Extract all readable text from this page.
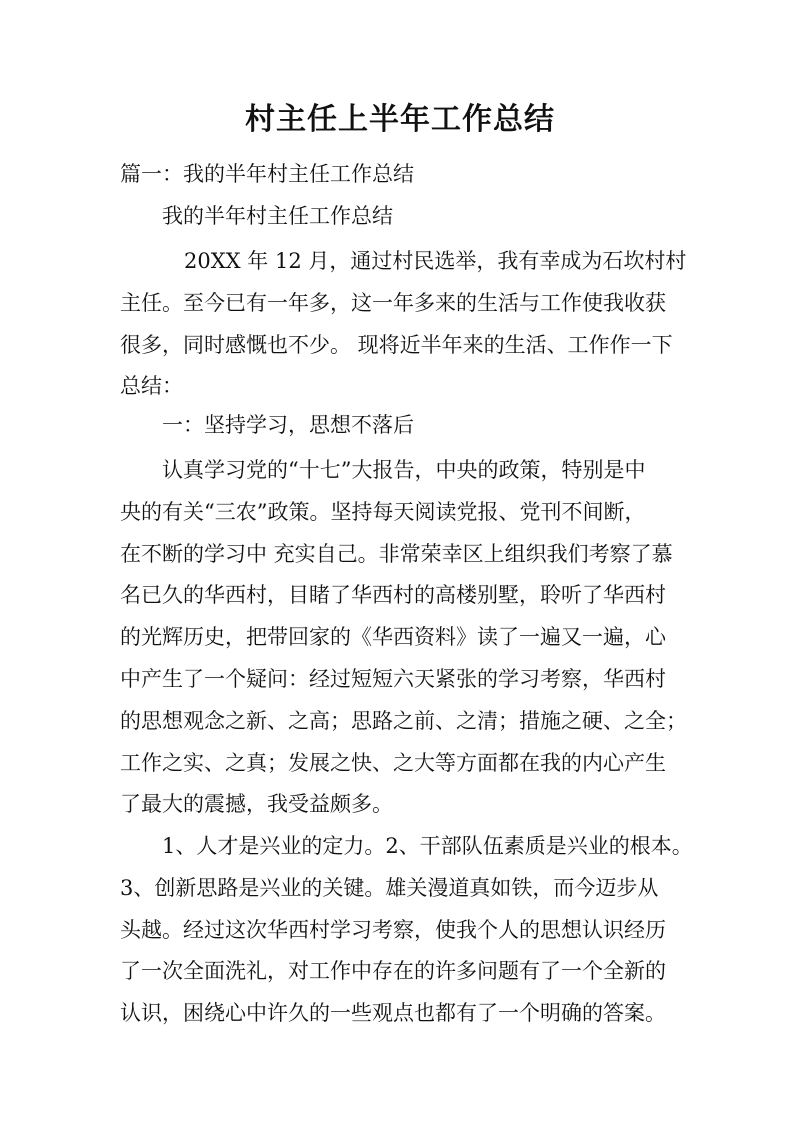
村主任上半年工作总结
篇一：我的半年村主任工作总结
我的半年村主任工作总结
20XX 年 12 月，通过村民选举，我有幸成为石坎村村
主任。至今已有一年多，这一年多来的生活与工作使我收获
很多，同时感慨也不少。 现将近半年来的生活、工作作一下
总结：
一：坚持学习，思想不落后
认真学习党的“十七”大报告，中央的政策，特别是中
央的有关“三农”政策。坚持每天阅读党报、党刊不间断，
在不断的学习中 充实自己。非常荣幸区上组织我们考察了慕
名已久的华西村，目睹了华西村的高楼别墅，聆听了华西村
的光辉历史，把带回家的《华西资料》读了一遍又一遍，心
中产生了一个疑问：经过短短六天紧张的学习考察，华西村
的思想观念之新、之高；思路之前、之清；措施之硬、之全；
工作之实、之真；发展之快、之大等方面都在我的内心产生
了最大的震撼，我受益颇多。
1、人才是兴业的定力。2、干部队伍素质是兴业的根本。
3、创新思路是兴业的关键。雄关漫道真如铁，而今迈步从
头越。经过这次华西村学习考察，使我个人的思想认识经历
了一次全面洗礼，对工作中存在的许多问题有了一个全新的
认识，困绕心中许久的一些观点也都有了一个明确的答案。
